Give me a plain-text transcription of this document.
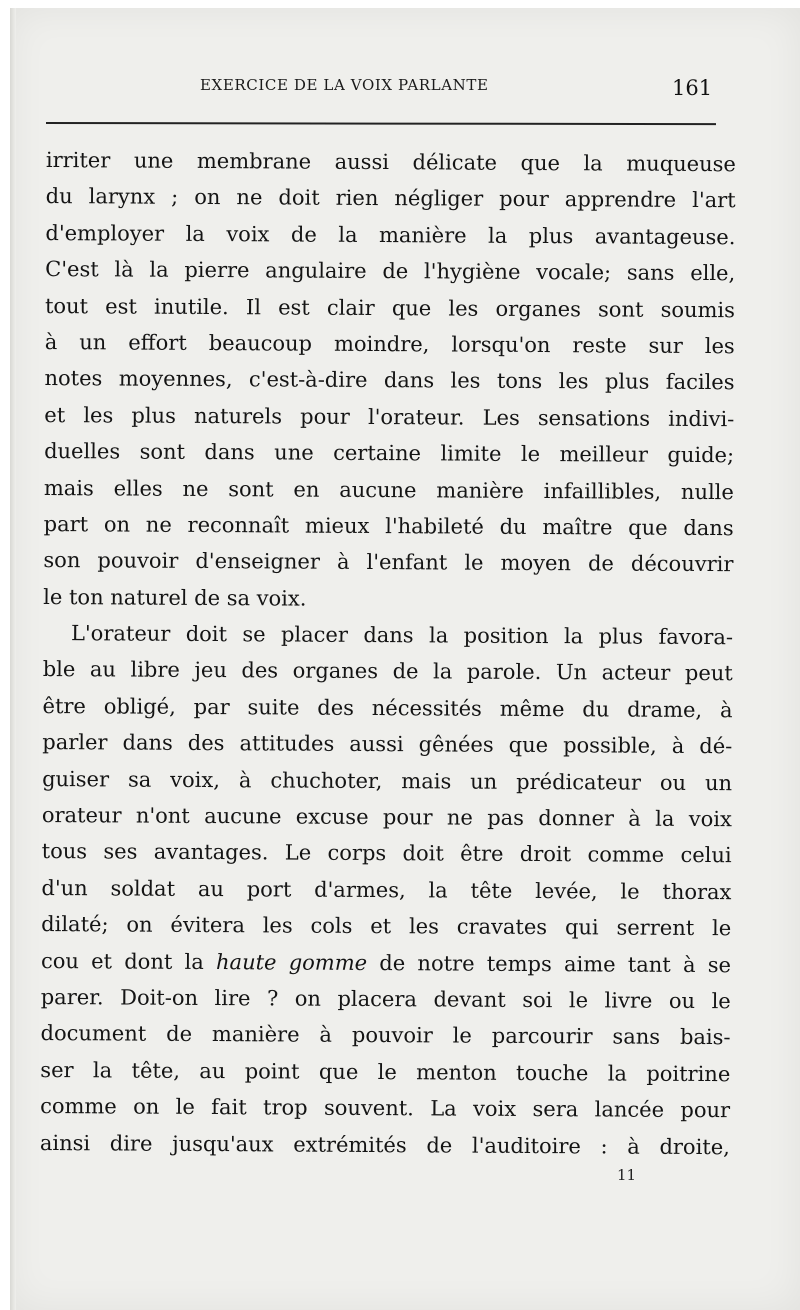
EXERCICE DE LA VOIX PARLANTE	161
irriter une membrane aussi délicate que la muqueuse
du larynx ; on ne doit rien négliger pour apprendre l'art
d'employer la voix de la manière la plus avantageuse.
C'est là la pierre angulaire de l'hygiène vocale; sans elle,
tout est inutile. Il est clair que les organes sont soumis
à un effort beaucoup moindre, lorsqu'on reste sur les
notes moyennes, c'est-à-dire dans les tons les plus faciles
et les plus naturels pour l'orateur. Les sensations indivi-
duelles sont dans une certaine limite le meilleur guide;
mais elles ne sont en aucune manière infaillibles, nulle
part on ne reconnaît mieux l'habileté du maître que dans
son pouvoir d'enseigner à l'enfant le moyen de découvrir
le ton naturel de sa voix.
L'orateur doit se placer dans la position la plus favora-
ble au libre jeu des organes de la parole. Un acteur peut
être obligé, par suite des nécessités même du drame, à
parler dans des attitudes aussi gênées que possible, à dé-
guiser sa voix, à chuchoter, mais un prédicateur ou un
orateur n'ont aucune excuse pour ne pas donner à la voix
tous ses avantages. Le corps doit être droit comme celui
d'un soldat au port d'armes, la tête levée, le thorax
dilaté; on évitera les cols et les cravates qui serrent le
cou et dont la haute gomme de notre temps aime tant à se
parer. Doit-on lire ? on placera devant soi le livre ou le
document de manière à pouvoir le parcourir sans bais-
ser la tête, au point que le menton touche la poitrine
comme on le fait trop souvent. La voix sera lancée pour
ainsi dire jusqu'aux extrémités de l'auditoire : à droite,
11
